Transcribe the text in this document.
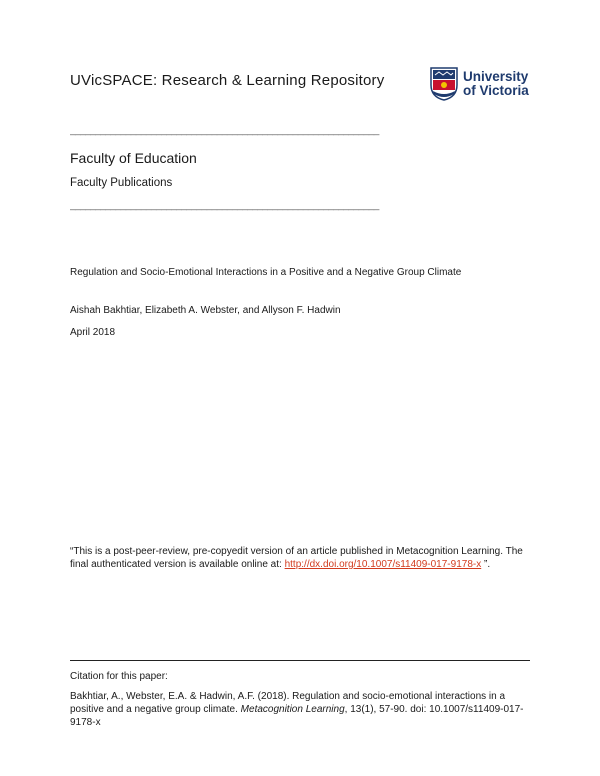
UVicSPACE: Research & Learning Repository	University
of Victoria
_____________________________________________________________
Faculty of Education
Faculty Publications
_____________________________________________________________
Regulation and Socio-Emotional Interactions in a Positive and a Negative Group Climate
Aishah Bakhtiar, Elizabeth A. Webster, and Allyson F. Hadwin
April 2018
“This is a post-peer-review, pre-copyedit version of an article published in Metacognition Learning. The final authenticated version is available online at: http://dx.doi.org/10.1007/s11409-017-9178-x ”.
Citation for this paper:
Bakhtiar, A., Webster, E.A. & Hadwin, A.F. (2018). Regulation and socio-emotional interactions in a positive and a negative group climate. Metacognition Learning, 13(1), 57-90. doi: 10.1007/s11409-017-9178-x
